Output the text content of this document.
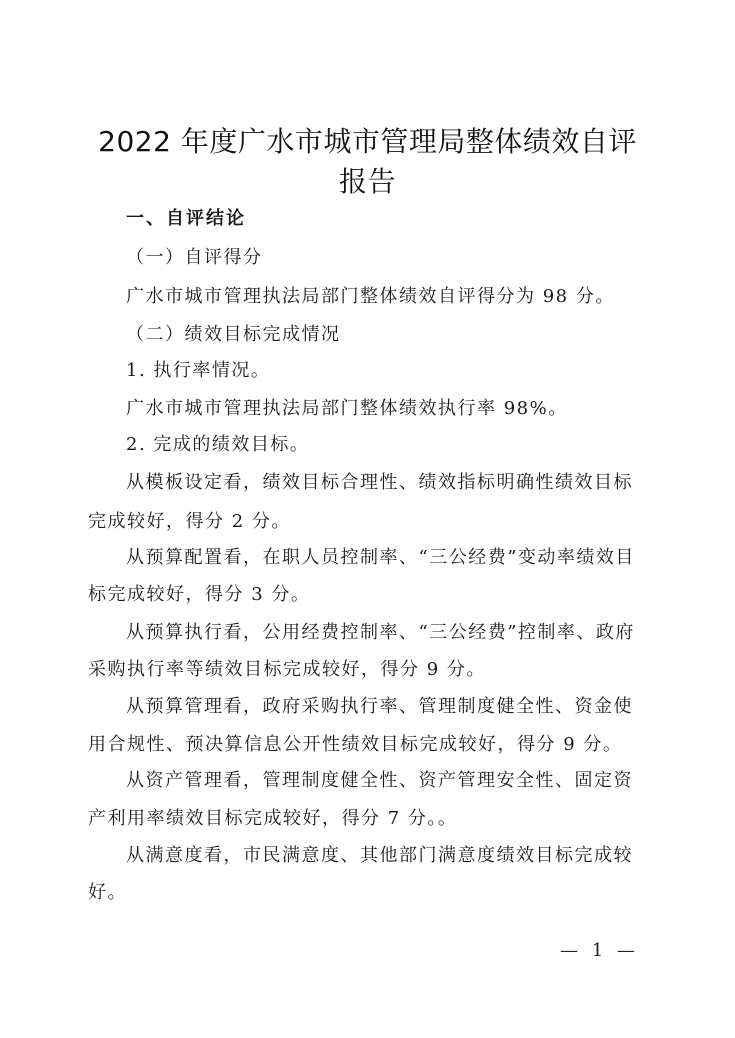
2022 年度广水市城市管理局整体绩效自评
报告
一、自评结论
（一）自评得分
广水市城市管理执法局部门整体绩效自评得分为 98 分。
（二）绩效目标完成情况
1. 执行率情况。
广水市城市管理执法局部门整体绩效执行率 98%。
2. 完成的绩效目标。
从模板设定看，绩效目标合理性、绩效指标明确性绩效目标
完成较好，得分 2 分。
从预算配置看，在职人员控制率、“三公经费”变动率绩效目
标完成较好，得分 3 分。
从预算执行看，公用经费控制率、“三公经费”控制率、政府
采购执行率等绩效目标完成较好，得分 9 分。
从预算管理看，政府采购执行率、管理制度健全性、资金使
用合规性、预决算信息公开性绩效目标完成较好，得分 9 分。
从资产管理看，管理制度健全性、资产管理安全性、固定资
产利用率绩效目标完成较好，得分 7 分。。
从满意度看，市民满意度、其他部门满意度绩效目标完成较
好。
— 1 —
